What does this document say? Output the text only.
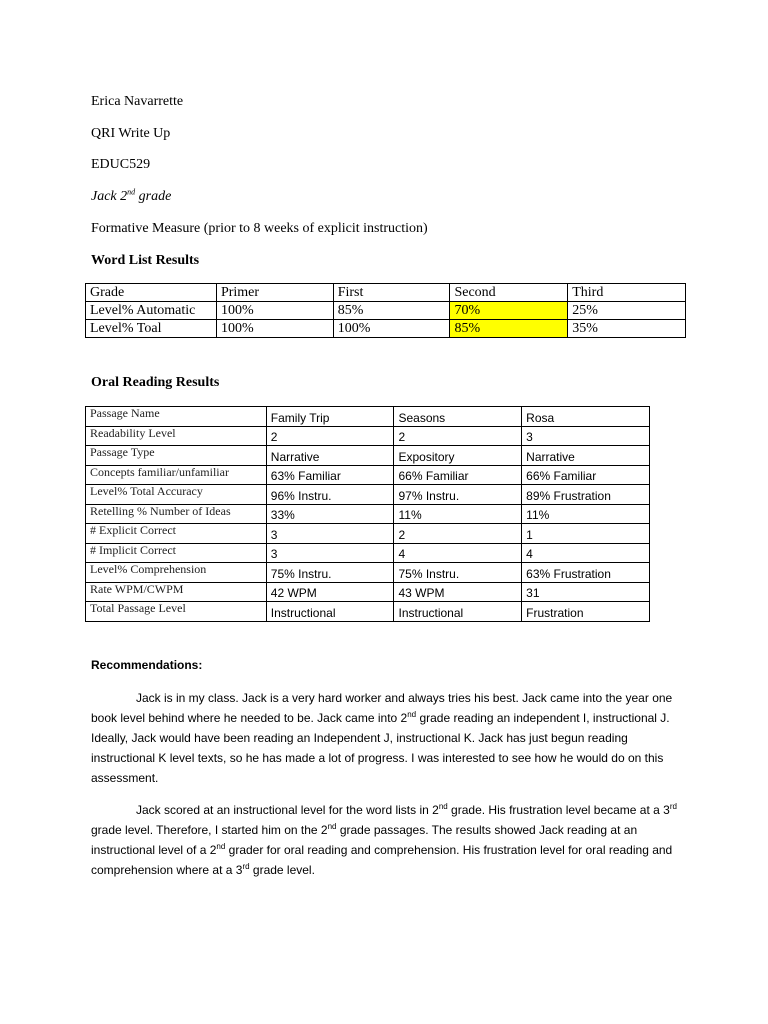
Erica Navarrette
QRI Write Up
EDUC529
Jack 2nd grade
Formative Measure (prior to 8 weeks of explicit instruction)
Word List Results
Grade	Primer	First	Second	Third
Level% Automatic	100%	85%	70%	25%
Level% Toal	100%	100%	85%	35%
Oral Reading Results
Passage Name	Family Trip	Seasons	Rosa
Readability Level	2	2	3
Passage Type	Narrative	Expository	Narrative
Concepts familiar/unfamiliar	63% Familiar	66% Familiar	66% Familiar
Level% Total Accuracy	96% Instru.	97% Instru.	89% Frustration
Retelling % Number of Ideas	33%	11%	11%
# Explicit Correct	3	2	1
# Implicit Correct	3	4	4
Level% Comprehension	75% Instru.	75% Instru.	63% Frustration
Rate WPM/CWPM	42 WPM	43 WPM	31
Total Passage Level	Instructional	Instructional	Frustration
Recommendations:

Jack is in my class. Jack is a very hard worker and always tries his best. Jack came into the year one book level behind where he needed to be. Jack came into 2nd grade reading an independent I, instructional J. Ideally, Jack would have been reading an Independent J, instructional K. Jack has just begun reading instructional K level texts, so he has made a lot of progress. I was interested to see how he would do on this assessment.

Jack scored at an instructional level for the word lists in 2nd grade. His frustration level became at a 3rd grade level. Therefore, I started him on the 2nd grade passages. The results showed Jack reading at an instructional level of a 2nd grader for oral reading and comprehension. His frustration level for oral reading and comprehension where at a 3rd grade level.
